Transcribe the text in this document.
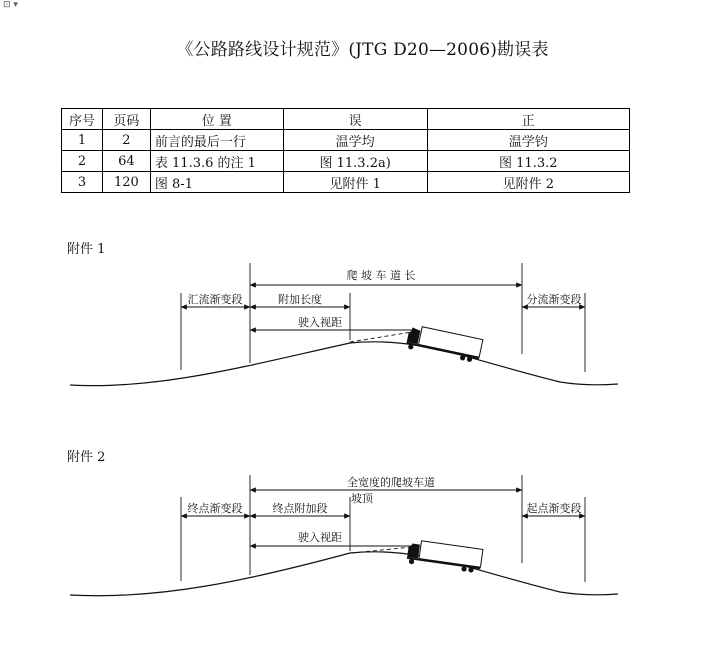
⊡ ▾
《公路路线设计规范》(JTG D20—2006)勘误表
序号	页码	位 置	误	正
1	2	前言的最后一行	温学均	温学钧
2	64	表 11.3.6 的注 1	图 11.3.2a)	图 11.3.2
3	120	图 8-1	见附件 1	见附件 2
附件 1
爬 坡 车 道 长
汇流渐变段	附加长度	分流渐变段
驶入视距
附件 2
全宽度的爬坡车道
终点渐变段	终点附加段
坡顶
起点渐变段
驶入视距
